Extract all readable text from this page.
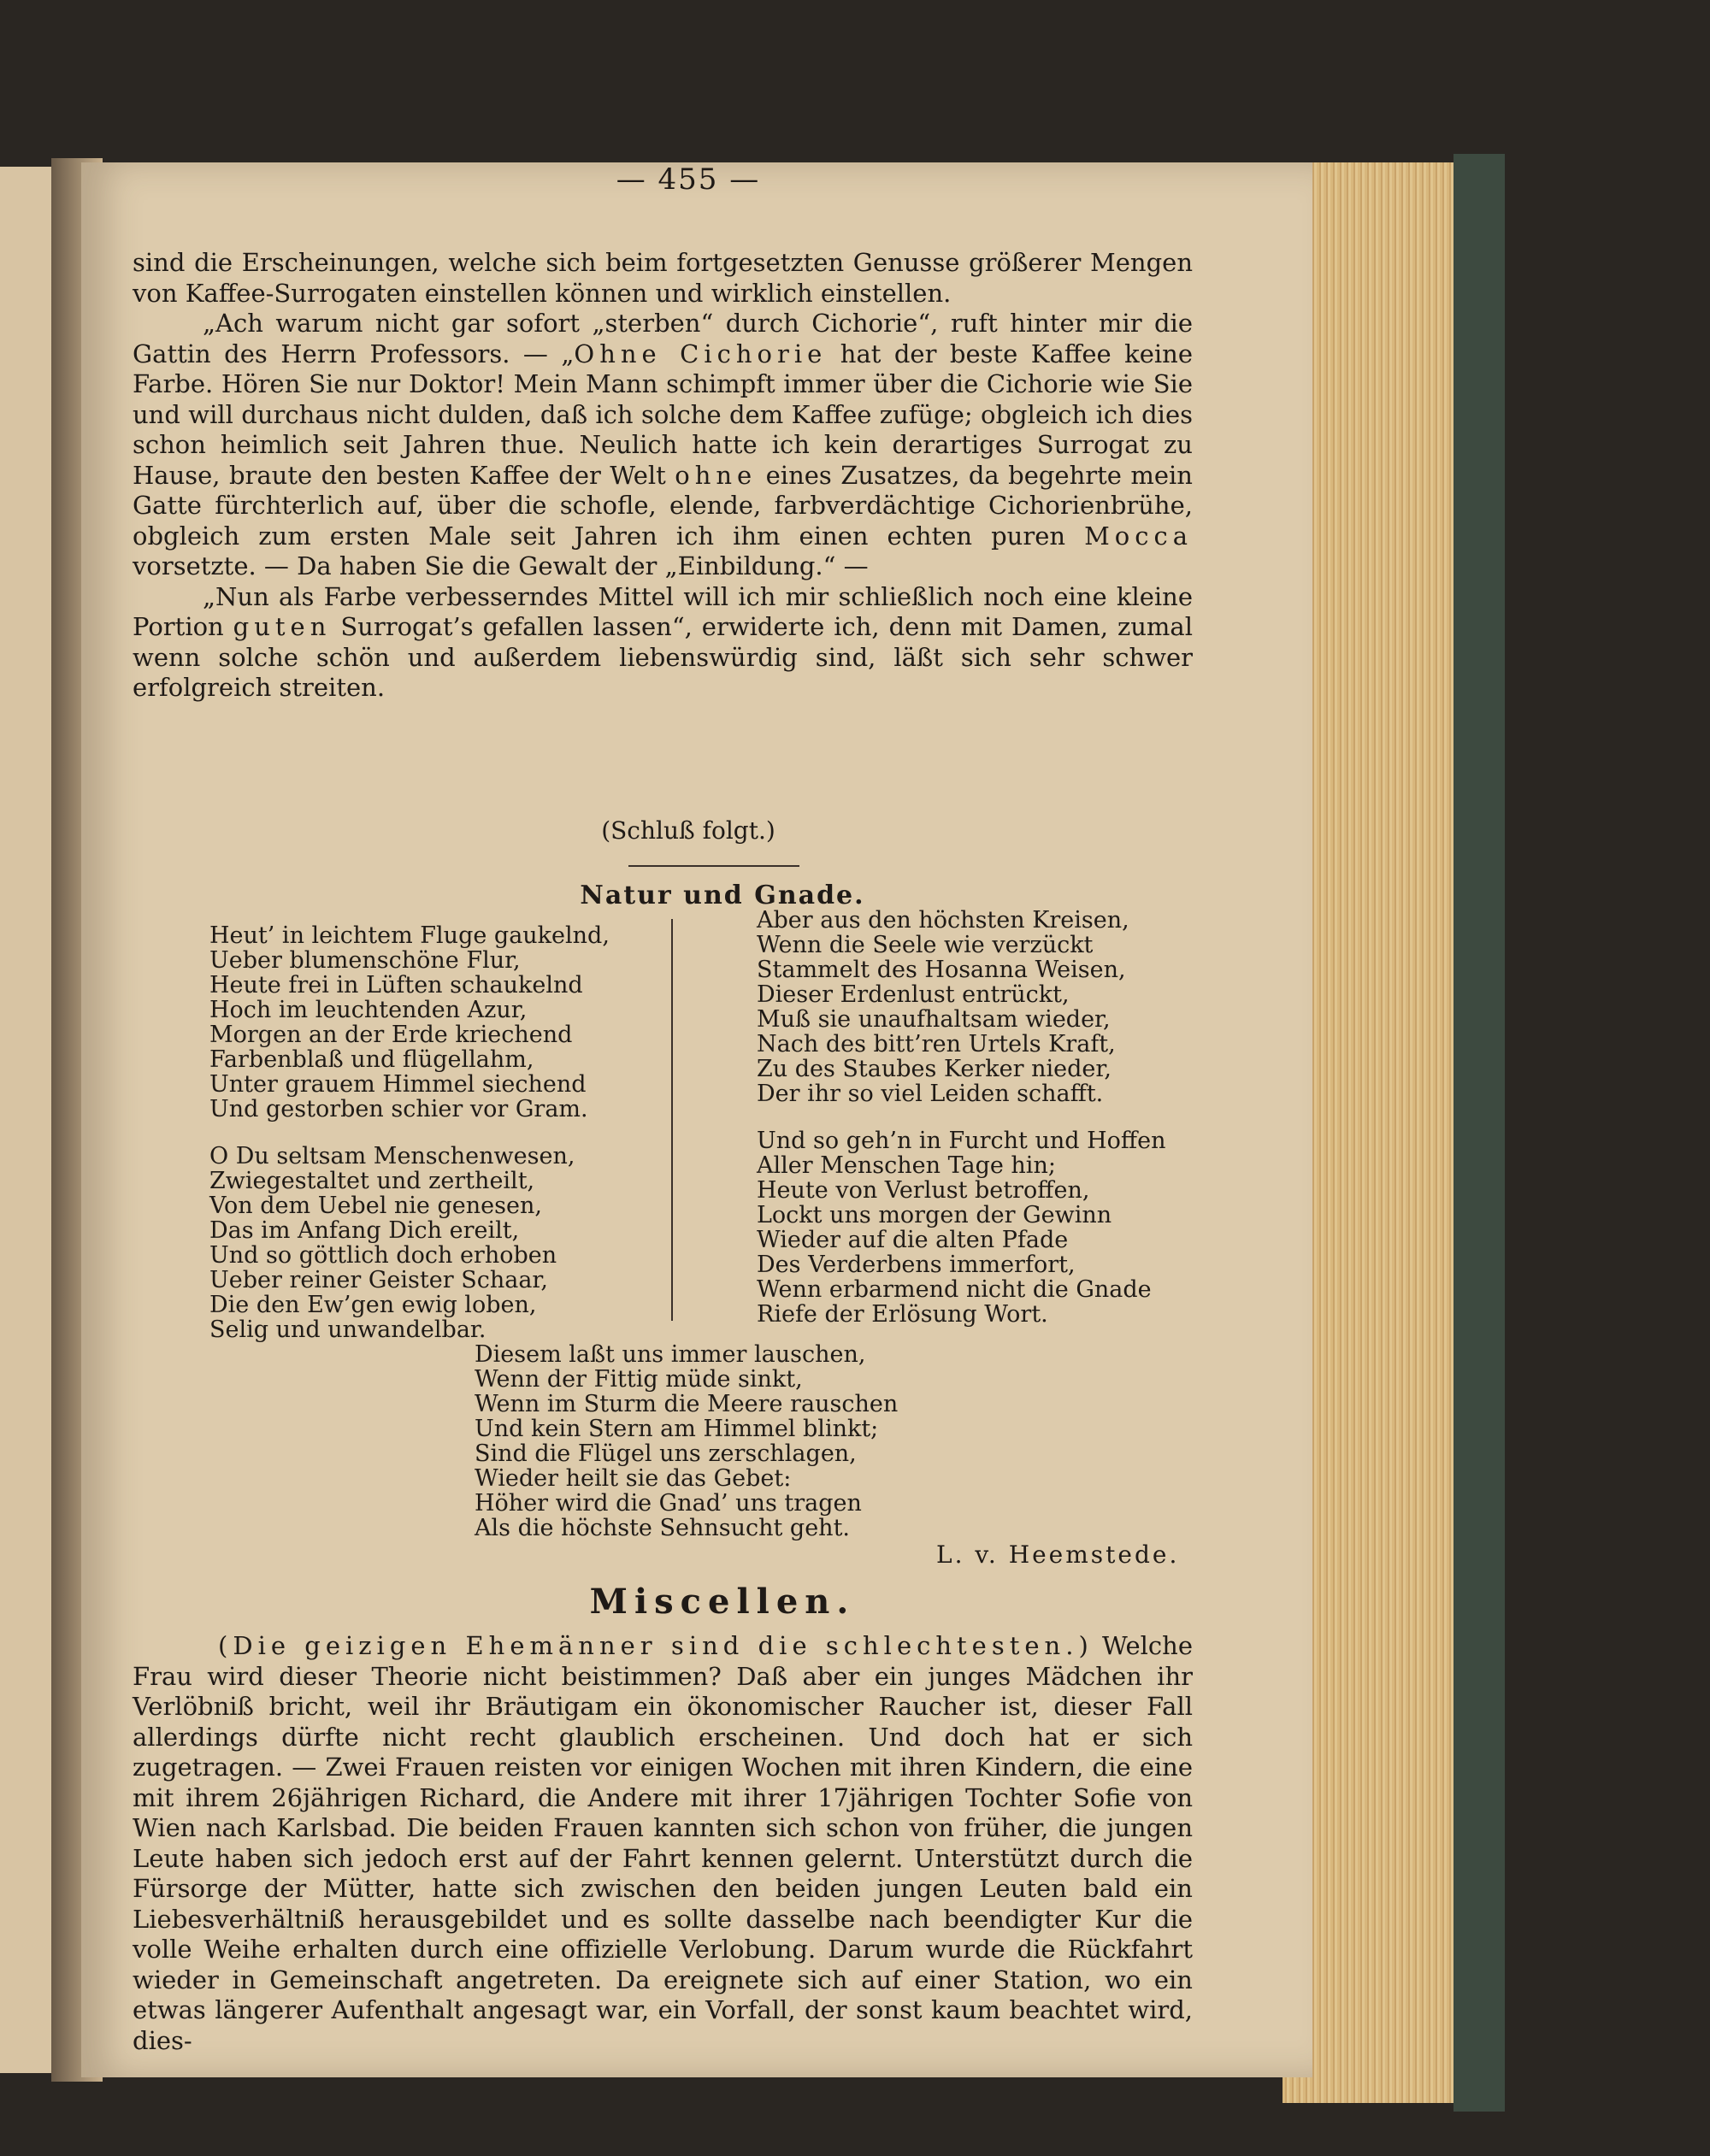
— 455 —

sind die Erscheinungen, welche sich beim fortgesetzten Genusse größerer Mengen von Kaffee-Surrogaten einstellen können und wirklich einstellen.

„Ach warum nicht gar sofort „sterben“ durch Cichorie“, ruft hinter mir die Gattin des Herrn Professors. — „Ohne Cichorie hat der beste Kaffee keine Farbe. Hören Sie nur Doktor! Mein Mann schimpft immer über die Cichorie wie Sie und will durchaus nicht dulden, daß ich solche dem Kaffee zufüge; obgleich ich dies schon heimlich seit Jahren thue. Neulich hatte ich kein derartiges Surrogat zu Hause, braute den besten Kaffee der Welt ohne eines Zusatzes, da begehrte mein Gatte fürchterlich auf, über die schofle, elende, farbverdächtige Cichorienbrühe, obgleich zum ersten Male seit Jahren ich ihm einen echten puren Mocca vorsetzte. — Da haben Sie die Gewalt der „Einbildung.“ —

„Nun als Farbe verbesserndes Mittel will ich mir schließlich noch eine kleine Portion guten Surrogat’s gefallen lassen“, erwiderte ich, denn mit Damen, zumal wenn solche schön und außerdem liebenswürdig sind, läßt sich sehr schwer erfolgreich streiten.

(Schluß folgt.)
Natur und Gnade.
Heut’ in leichtem Fluge gaukelnd,
Ueber blumenschöne Flur,
Heute frei in Lüften schaukelnd
Hoch im leuchtenden Azur,
Morgen an der Erde kriechend
Farbenblaß und flügellahm,
Unter grauem Himmel siechend
Und gestorben schier vor Gram.
O Du seltsam Menschenwesen,
Zwiegestaltet und zertheilt,
Von dem Uebel nie genesen,
Das im Anfang Dich ereilt,
Und so göttlich doch erhoben
Ueber reiner Geister Schaar,
Die den Ew’gen ewig loben,
Selig und unwandelbar.
Aber aus den höchsten Kreisen,
Wenn die Seele wie verzückt
Stammelt des Hosanna Weisen,
Dieser Erdenlust entrückt,
Muß sie unaufhaltsam wieder,
Nach des bitt’ren Urtels Kraft,
Zu des Staubes Kerker nieder,
Der ihr so viel Leiden schafft.
Und so geh’n in Furcht und Hoffen
Aller Menschen Tage hin;
Heute von Verlust betroffen,
Lockt uns morgen der Gewinn
Wieder auf die alten Pfade
Des Verderbens immerfort,
Wenn erbarmend nicht die Gnade
Riefe der Erlösung Wort.
Diesem laßt uns immer lauschen,
Wenn der Fittig müde sinkt,
Wenn im Sturm die Meere rauschen
Und kein Stern am Himmel blinkt;
Sind die Flügel uns zerschlagen,
Wieder heilt sie das Gebet:
Höher wird die Gnad’ uns tragen
Als die höchste Sehnsucht geht.
L. v. Heemstede.
Miscellen.

(Die geizigen Ehemänner sind die schlechtesten.) Welche Frau wird dieser Theorie nicht beistimmen? Daß aber ein junges Mädchen ihr Verlöbniß bricht, weil ihr Bräutigam ein ökonomischer Raucher ist, dieser Fall allerdings dürfte nicht recht glaublich erscheinen. Und doch hat er sich zugetragen. — Zwei Frauen reisten vor einigen Wochen mit ihren Kindern, die eine mit ihrem 26jährigen Richard, die Andere mit ihrer 17jährigen Tochter Sofie von Wien nach Karlsbad. Die beiden Frauen kannten sich schon von früher, die jungen Leute haben sich jedoch erst auf der Fahrt kennen gelernt. Unterstützt durch die Fürsorge der Mütter, hatte sich zwischen den beiden jungen Leuten bald ein Liebesverhältniß herausgebildet und es sollte dasselbe nach beendigter Kur die volle Weihe erhalten durch eine offizielle Verlobung. Darum wurde die Rückfahrt wieder in Gemeinschaft angetreten. Da ereignete sich auf einer Station, wo ein etwas längerer Aufenthalt angesagt war, ein Vorfall, der sonst kaum beachtet wird, dies-
